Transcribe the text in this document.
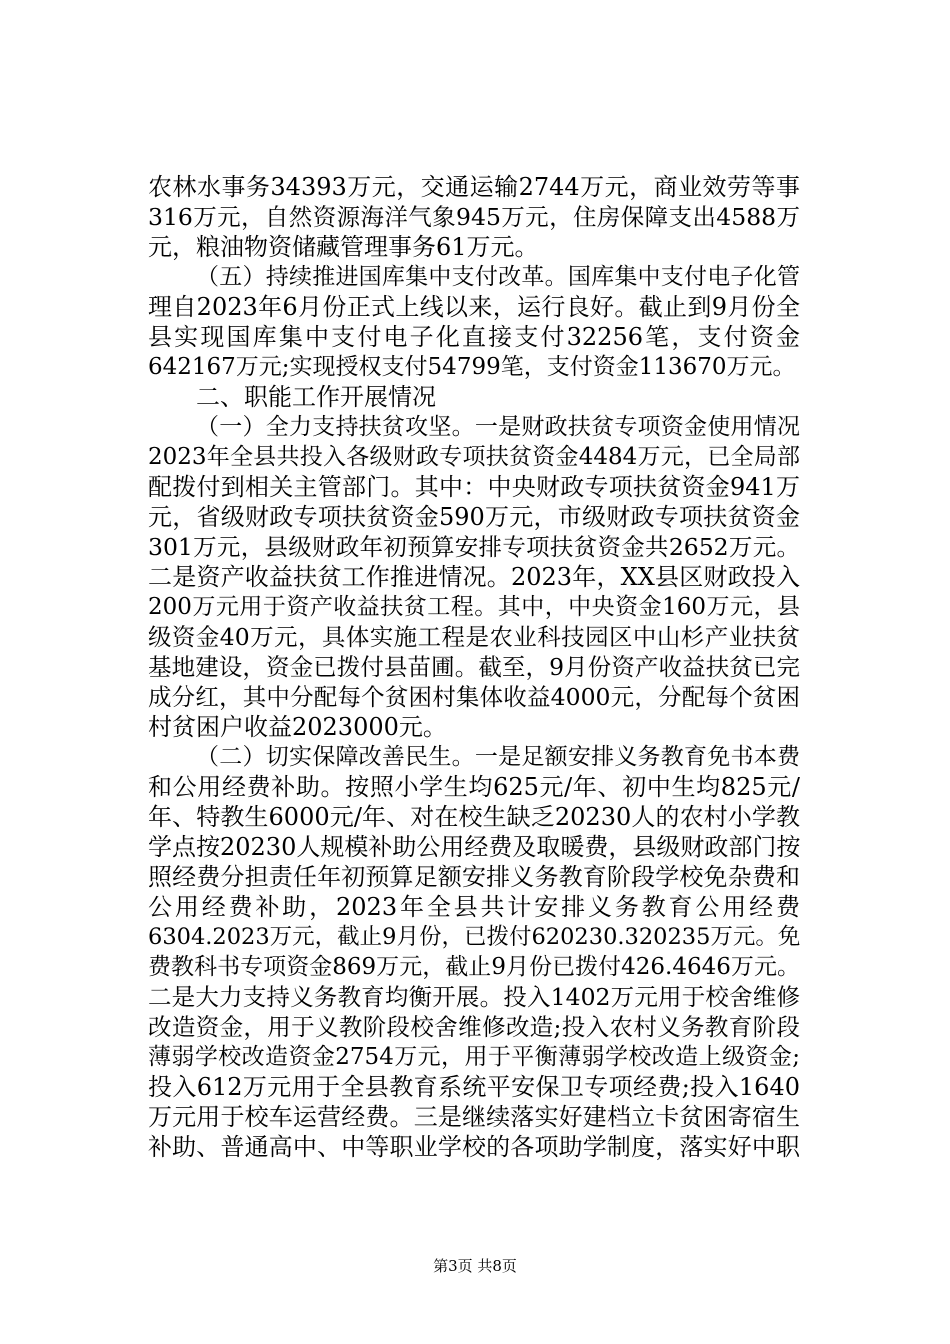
农林水事务34393万元，交通运输2744万元，商业效劳等事
316万元，自然资源海洋气象945万元，住房保障支出4588万
元，粮油物资储藏管理事务61万元。
（五）持续推进国库集中支付改革。国库集中支付电子化管
理自2023年6月份正式上线以来，运行良好。截止到9月份全
县实现国库集中支付电子化直接支付32256笔，支付资金
642167万元;实现授权支付54799笔，支付资金113670万元。
二、职能工作开展情况
（一）全力支持扶贫攻坚。一是财政扶贫专项资金使用情况
2023年全县共投入各级财政专项扶贫资金4484万元，已全局部
配拨付到相关主管部门。其中：中央财政专项扶贫资金941万
元，省级财政专项扶贫资金590万元，市级财政专项扶贫资金
301万元，县级财政年初预算安排专项扶贫资金共2652万元。
二是资产收益扶贫工作推进情况。2023年，XX县区财政投入
200万元用于资产收益扶贫工程。其中，中央资金160万元，县
级资金40万元，具体实施工程是农业科技园区中山杉产业扶贫
基地建设，资金已拨付县苗圃。截至，9月份资产收益扶贫已完
成分红，其中分配每个贫困村集体收益4000元，分配每个贫困
村贫困户收益2023000元。
（二）切实保障改善民生。一是足额安排义务教育免书本费
和公用经费补助。按照小学生均625元/年、初中生均825元/
年、特教生6000元/年、对在校生缺乏20230人的农村小学教
学点按20230人规模补助公用经费及取暖费，县级财政部门按
照经费分担责任年初预算足额安排义务教育阶段学校免杂费和
公用经费补助，2023年全县共计安排义务教育公用经费
6304.2023万元，截止9月份，已拨付620230.320235万元。免
费教科书专项资金869万元，截止9月份已拨付426.4646万元。
二是大力支持义务教育均衡开展。投入1402万元用于校舍维修
改造资金，用于义教阶段校舍维修改造;投入农村义务教育阶段
薄弱学校改造资金2754万元，用于平衡薄弱学校改造上级资金;
投入612万元用于全县教育系统平安保卫专项经费;投入1640
万元用于校车运营经费。三是继续落实好建档立卡贫困寄宿生
补助、普通高中、中等职业学校的各项助学制度，落实好中职
第3页 共8页
